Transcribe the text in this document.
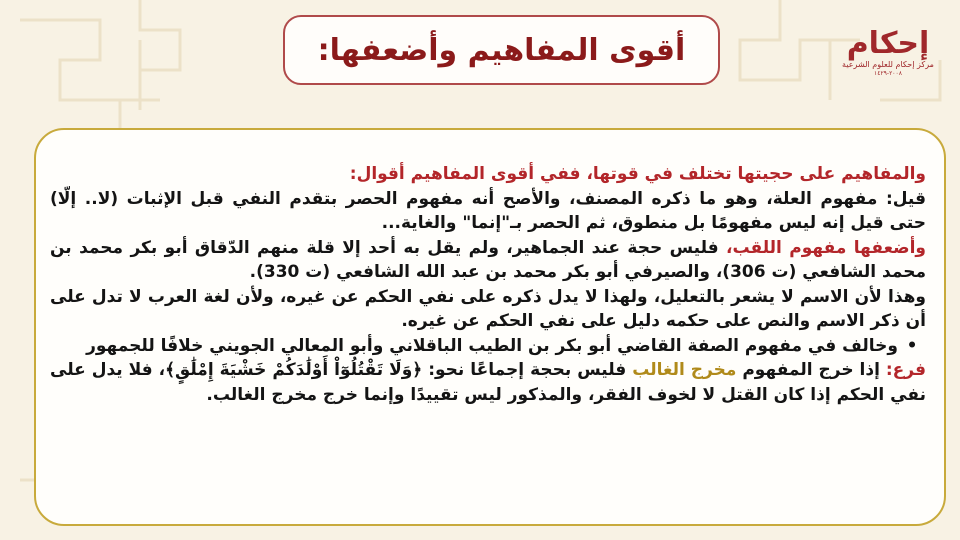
أقوى المفاهيم وأضعفها:	إحكام
مركز إحكام للعلوم الشرعية
٢٠٠٨-١٤٢٩

والمفاهيم على حجيتها تختلف في قوتها، ففي أقوى المفاهيم أقوال:

قيل: مفهوم العلة، وهو ما ذكره المصنف، والأصح أنه مفهوم الحصر بتقدم النفي قبل الإثبات (لا.. إلّا) حتى قيل إنه ليس مفهومًا بل منطوق، ثم الحصر بـ"إنما" والغاية...

وأضعفها مفهوم اللقب، فليس حجة عند الجماهير، ولم يقل به أحد إلا قلة منهم الدّقاق أبو بكر محمد بن محمد الشافعي (ت 306)، والصيرفي أبو بكر محمد بن عبد الله الشافعي (ت 330).

وهذا لأن الاسم لا يشعر بالتعليل، ولهذا لا يدل ذكره على نفي الحكم عن غيره، ولأن لغة العرب لا تدل على أن ذكر الاسم والنص على حكمه دليل على نفي الحكم عن غيره.

•
وخالف في مفهوم الصفة القاضي أبو بكر بن الطيب الباقلاني وأبو المعالي الجويني خلافًا للجمهور

فرع: إذا خرج المفهوم مخرج الغالب فليس بحجة إجماعًا نحو: ﴿وَلَا تَقْتُلُوٓاْ أَوْلَٰدَكُمْ خَشْيَةَ إِمْلَٰقٍ﴾، فلا يدل على نفي الحكم إذا كان القتل لا لخوف الفقر، والمذكور ليس تقييدًا وإنما خرج مخرج الغالب.
